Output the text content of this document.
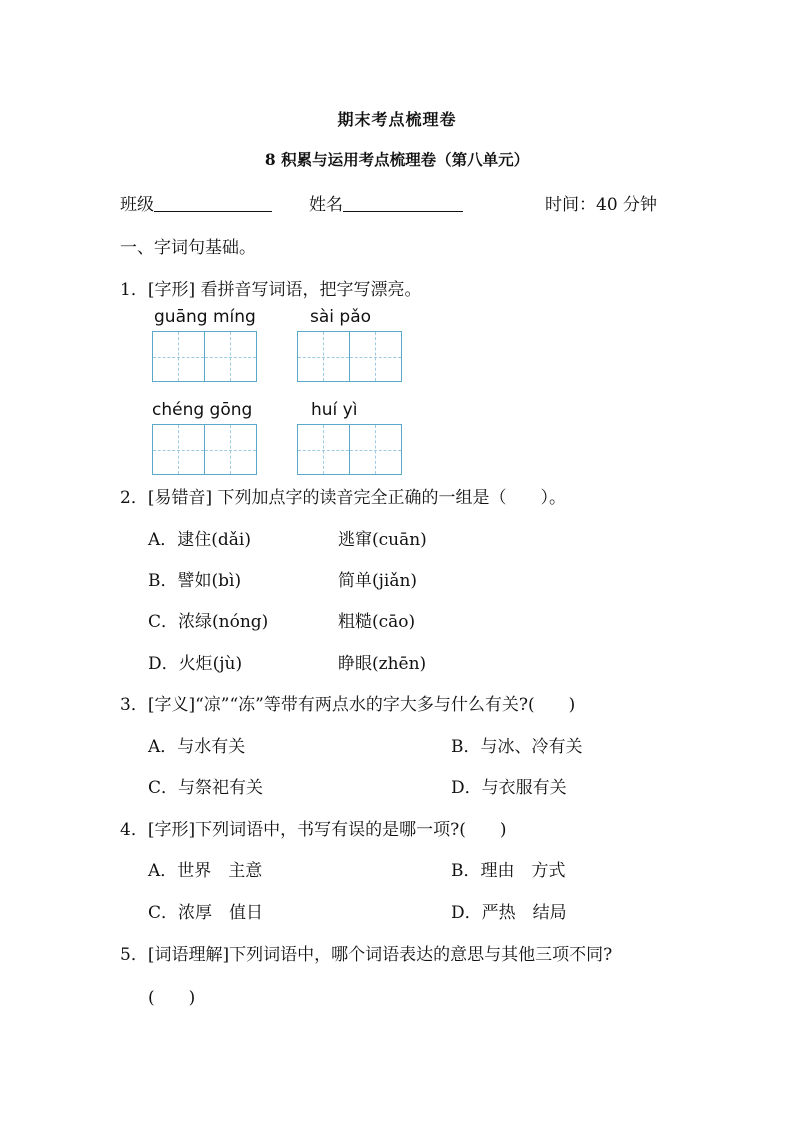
期末考点梳理卷
8 积累与运用考点梳理卷（第八单元）
班级	姓名	时间：40 分钟
一、字词句基础。
1．[字形] 看拼音写词语，把字写漂亮。
guāng míng	sài pǎo
chéng gōng	huí yì
2．[易错音] 下列加点字的读音完全正确的一组是（　　）。
A．逮住(dǎi)	逃窜(cuān)
B．譬如(bì)	简单(jiǎn)
C．浓绿(nóng)	粗糙(cāo)
D．火炬(jù)	睁眼(zhēn)
3．[字义]“凉”“冻”等带有两点水的字大多与什么有关?(　　)
A．与水有关	B．与冰、冷有关
C．与祭祀有关	D．与衣服有关
4．[字形]下列词语中，书写有误的是哪一项?(　　)
A．世界　主意	B．理由　方式
C．浓厚　值日	D．严热　结局
5．[词语理解]下列词语中，哪个词语表达的意思与其他三项不同?
(　　)
